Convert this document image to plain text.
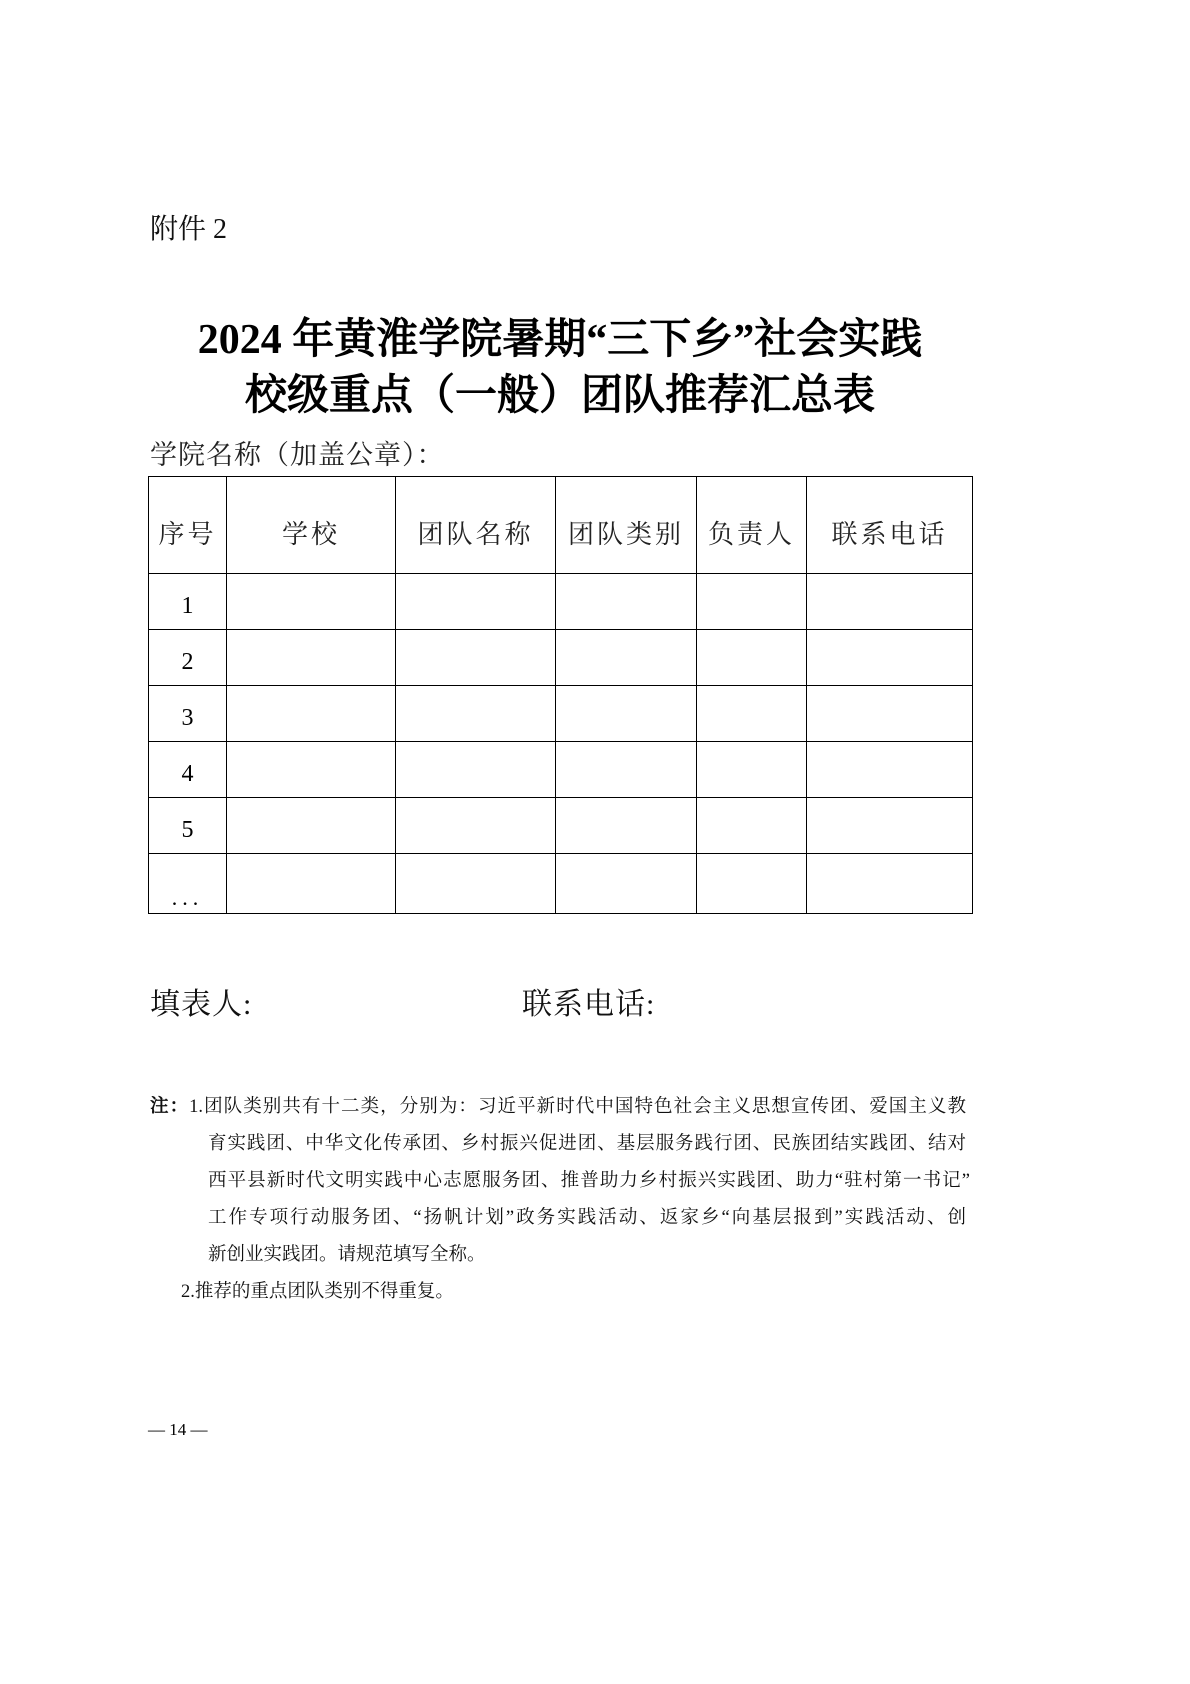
附件 2
2024 年黄淮学院暑期“三下乡”社会实践
校级重点（一般）团队推荐汇总表
学院名称（加盖公章）：
序号	学校	团队名称	团队类别	负责人	联系电话
1					
2					
3					
4					
5					
...					
填表人:	联系电话:
注：1.团队类别共有十二类，分别为：习近平新时代中国特色社会主义思想宣传团、爱国主义教
育实践团、中华文化传承团、乡村振兴促进团、基层服务践行团、民族团结实践团、结对
西平县新时代文明实践中心志愿服务团、推普助力乡村振兴实践团、助力“驻村第一书记”
工作专项行动服务团、“扬帆计划”政务实践活动、返家乡“向基层报到”实践活动、创
新创业实践团。请规范填写全称。
2.推荐的重点团队类别不得重复。
— 14 —
